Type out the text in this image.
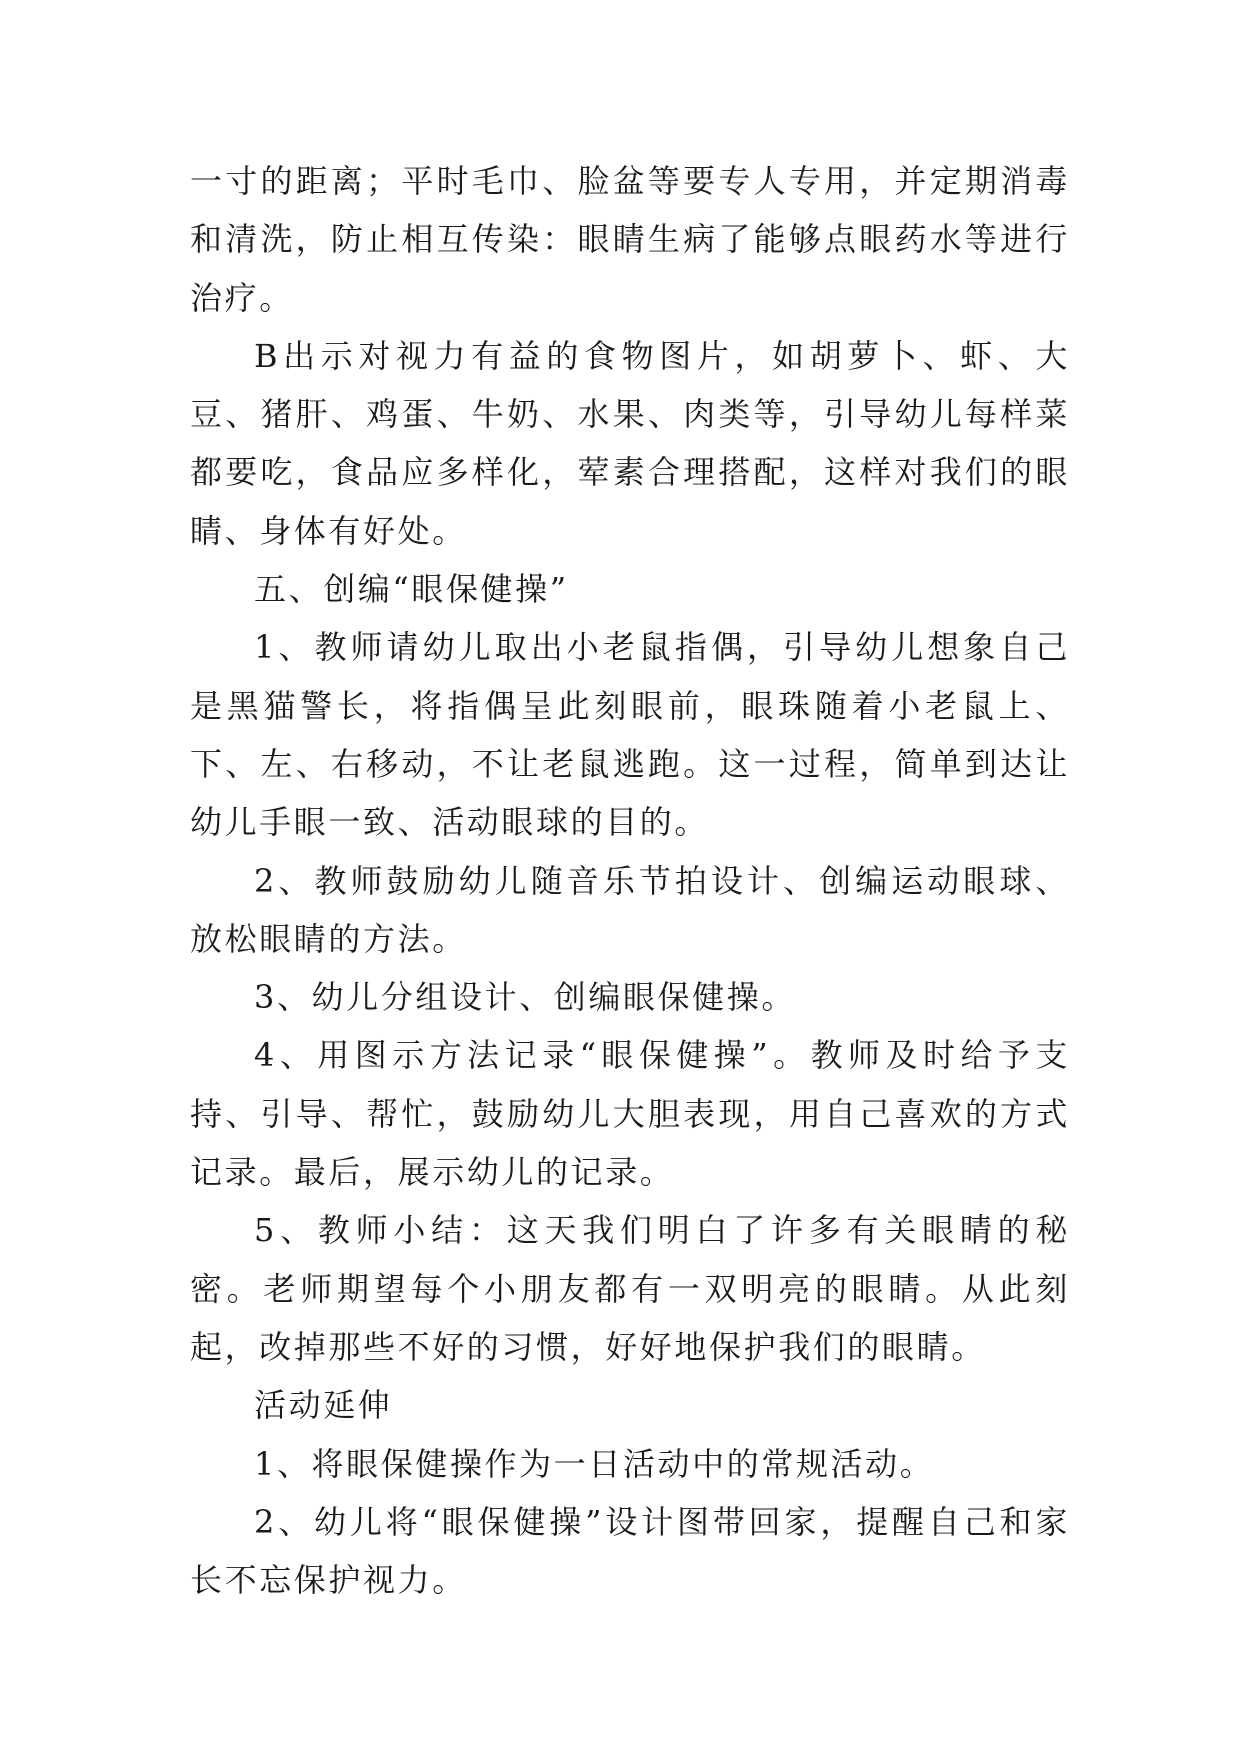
一寸的距离；平时毛巾、脸盆等要专人专用，并定期消毒和清洗，防止相互传染：眼睛生病了能够点眼药水等进行治疗。

B出示对视力有益的食物图片，如胡萝卜、虾、大豆、猪肝、鸡蛋、牛奶、水果、肉类等，引导幼儿每样菜都要吃，食品应多样化，荤素合理搭配，这样对我们的眼睛、身体有好处。

五、创编“眼保健操”

1、教师请幼儿取出小老鼠指偶，引导幼儿想象自己是黑猫警长，将指偶呈此刻眼前，眼珠随着小老鼠上、下、左、右移动，不让老鼠逃跑。这一过程，简单到达让幼儿手眼一致、活动眼球的目的。

2、教师鼓励幼儿随音乐节拍设计、创编运动眼球、放松眼睛的方法。

3、幼儿分组设计、创编眼保健操。

4、用图示方法记录“眼保健操”。教师及时给予支持、引导、帮忙，鼓励幼儿大胆表现，用自己喜欢的方式记录。最后，展示幼儿的记录。

5、教师小结：这天我们明白了许多有关眼睛的秘密。老师期望每个小朋友都有一双明亮的眼睛。从此刻起，改掉那些不好的习惯，好好地保护我们的眼睛。

活动延伸

1、将眼保健操作为一日活动中的常规活动。

2、幼儿将“眼保健操”设计图带回家，提醒自己和家长不忘保护视力。
